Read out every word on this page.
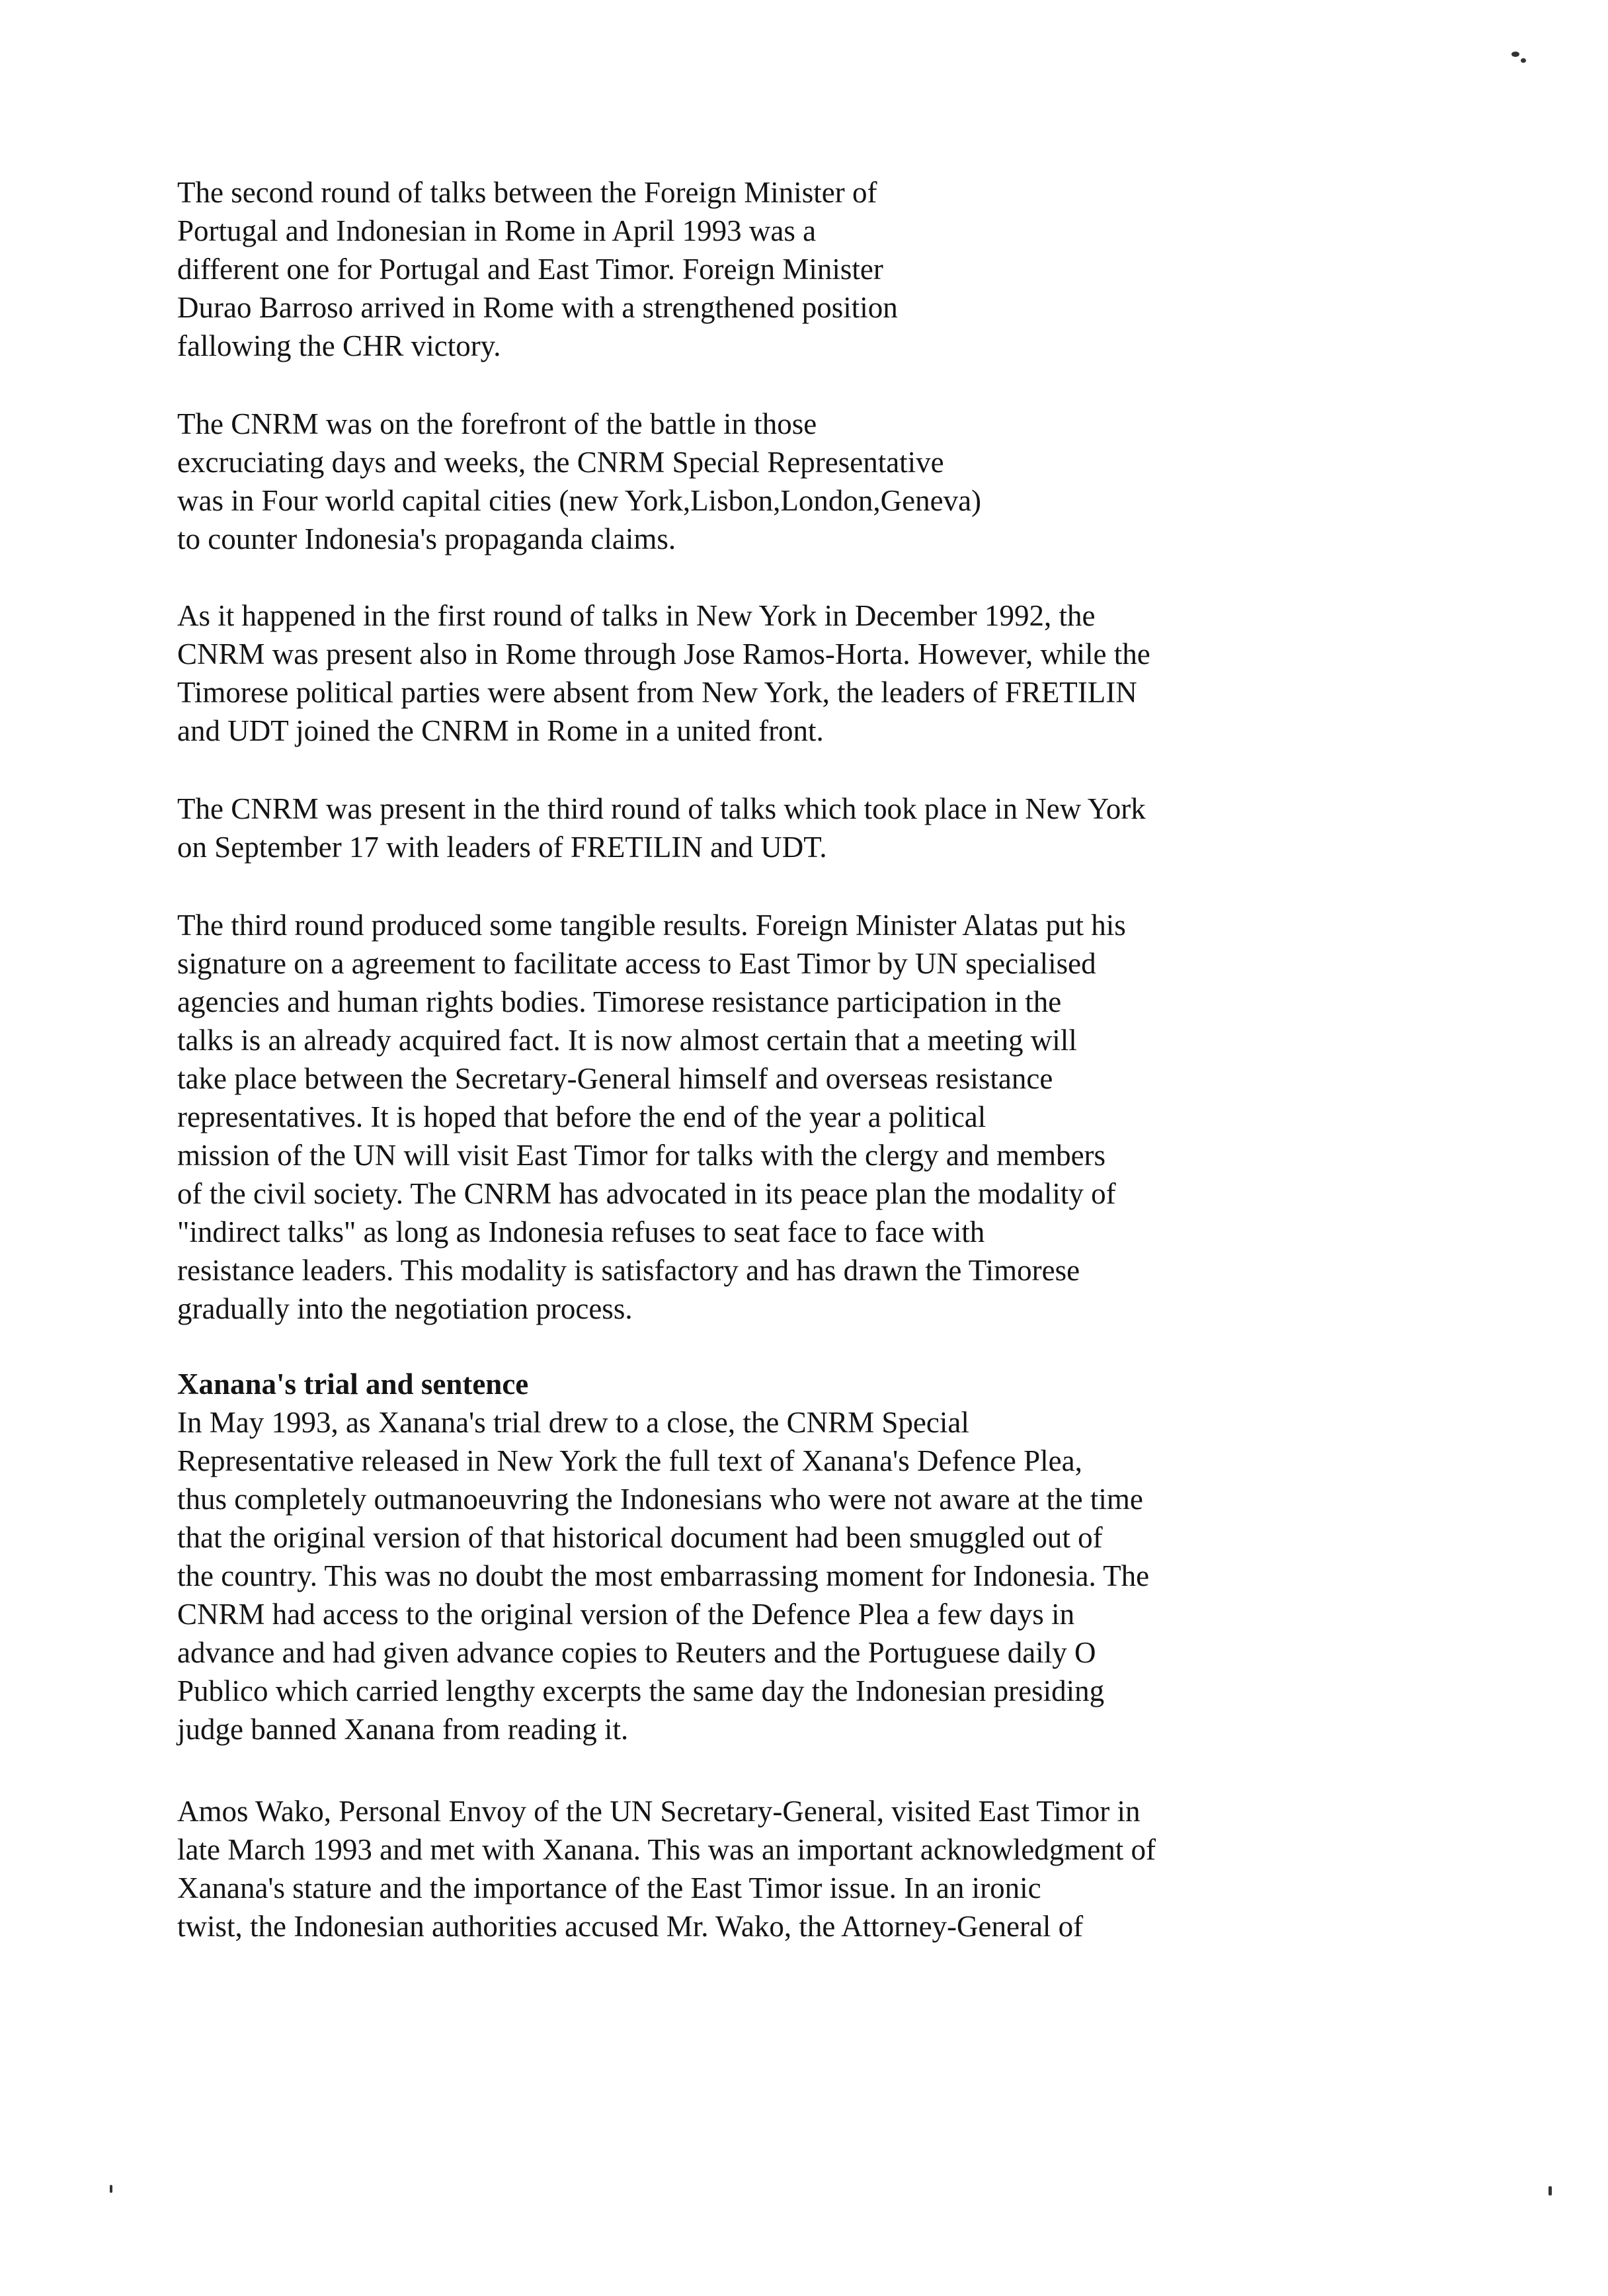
The second round of talks between the Foreign Minister of
Portugal and Indonesian in Rome in April 1993 was a
different one for Portugal and East Timor. Foreign Minister
Durao Barroso arrived in Rome with a strengthened position
fallowing the CHR victory.
The CNRM was on the forefront of the battle in those
excruciating days and weeks, the CNRM Special Representative
was in Four world capital cities (new York,Lisbon,London,Geneva)
to counter Indonesia's propaganda claims.
As it happened in the first round of talks in New York in December 1992, the
CNRM was present also in Rome through Jose Ramos-Horta. However, while the
Timorese political parties were absent from New York, the leaders of FRETILIN
and UDT joined the CNRM in Rome in a united front.
The CNRM was present in the third round of talks which took place in New York
on September 17 with leaders of FRETILIN and UDT.
The third round produced some tangible results. Foreign Minister Alatas put his
signature on a agreement to facilitate access to East Timor by UN specialised
agencies and human rights bodies. Timorese resistance participation in the
talks is an already acquired fact. It is now almost certain that a meeting will
take place between the Secretary-General himself and overseas resistance
representatives. It is hoped that before the end of the year a political
mission of the UN will visit East Timor for talks with the clergy and members
of the civil society. The CNRM has advocated in its peace plan the modality of
"indirect talks" as long as Indonesia refuses to seat face to face with
resistance leaders. This modality is satisfactory and has drawn the Timorese
gradually into the negotiation process.
Xanana's trial and sentence
In May 1993, as Xanana's trial drew to a close, the CNRM Special
Representative released in New York the full text of Xanana's Defence Plea,
thus completely outmanoeuvring the Indonesians who were not aware at the time
that the original version of that historical document had been smuggled out of
the country. This was no doubt the most embarrassing moment for Indonesia. The
CNRM had access to the original version of the Defence Plea a few days in
advance and had given advance copies to Reuters and the Portuguese daily O
Publico which carried lengthy excerpts the same day the Indonesian presiding
judge banned Xanana from reading it.
Amos Wako, Personal Envoy of the UN Secretary-General, visited East Timor in
late March 1993 and met with Xanana. This was an important acknowledgment of
Xanana's stature and the importance of the East Timor issue. In an ironic
twist, the Indonesian authorities accused Mr. Wako, the Attorney-General of
